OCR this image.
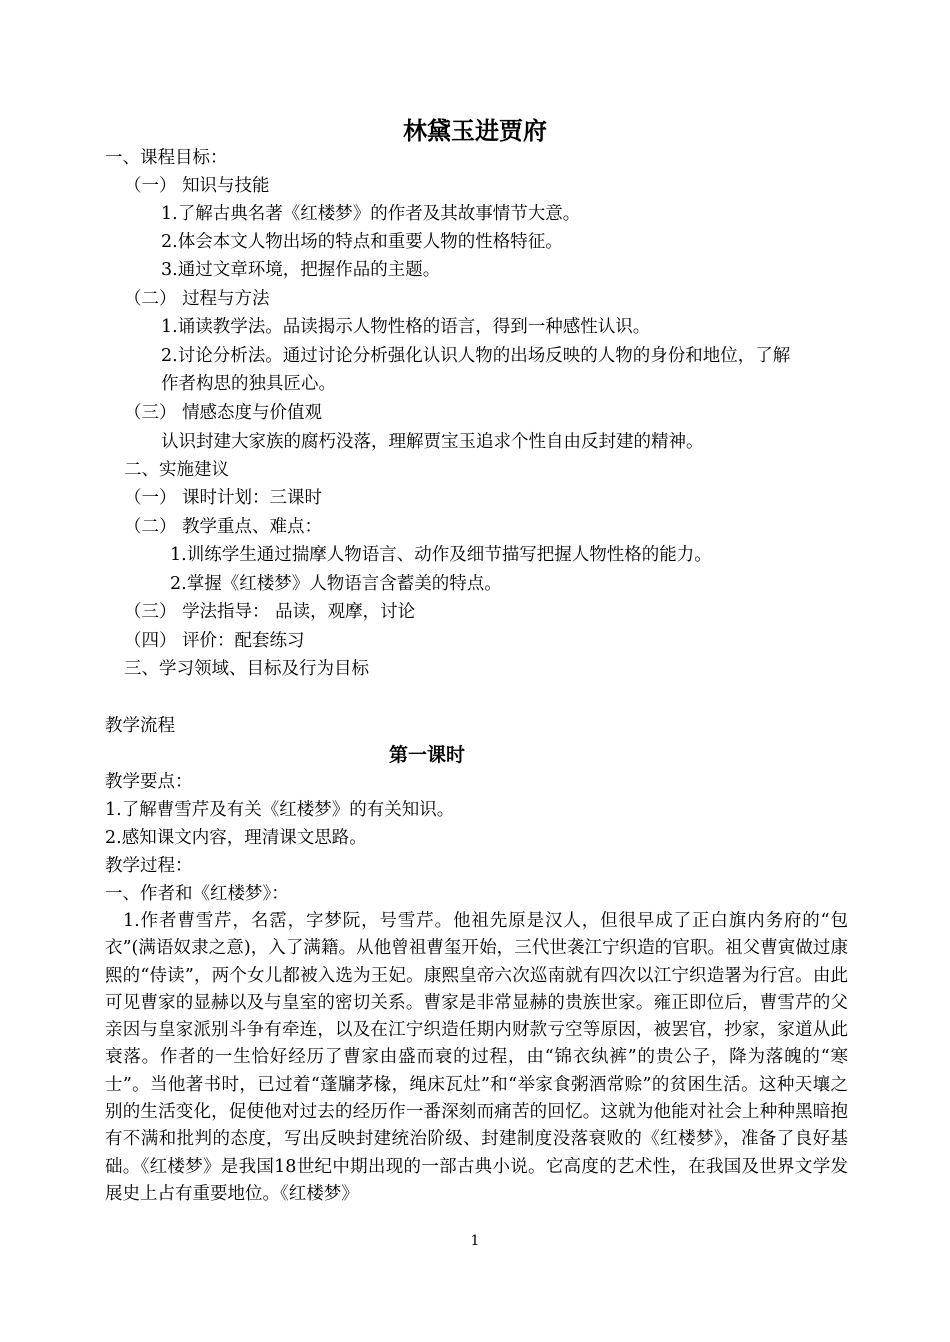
林黛玉进贾府
一、课程目标：
（一） 知识与技能
1.了解古典名著《红楼梦》的作者及其故事情节大意。
2.体会本文人物出场的特点和重要人物的性格特征。
3.通过文章环境，把握作品的主题。
（二） 过程与方法
1.诵读教学法。品读揭示人物性格的语言，得到一种感性认识。
2.讨论分析法。通过讨论分析强化认识人物的出场反映的人物的身份和地位，了解
作者构思的独具匠心。
（三） 情感态度与价值观
认识封建大家族的腐朽没落，理解贾宝玉追求个性自由反封建的精神。
二、实施建议
（一） 课时计划：三课时
（二） 教学重点、难点：
1.训练学生通过揣摩人物语言、动作及细节描写把握人物性格的能力。
2.掌握《红楼梦》人物语言含蓄美的特点。
（三） 学法指导： 品读，观摩，讨论
（四） 评价：配套练习
三、学习领域、目标及行为目标
教学流程
第一课时
教学要点：
1.了解曹雪芹及有关《红楼梦》的有关知识。
2.感知课文内容，理清课文思路。
教学过程：
一、作者和《红楼梦》：
1.作者曹雪芹，名霑，字梦阮，号雪芹。他祖先原是汉人，但很早成了正白旗内务府的“包衣”(满语奴隶之意)，入了满籍。从他曾祖曹玺开始，三代世袭江宁织造的官职。祖父曹寅做过康熙的“侍读”，两个女儿都被入选为王妃。康熙皇帝六次巡南就有四次以江宁织造署为行宫。由此可见曹家的显赫以及与皇室的密切关系。曹家是非常显赫的贵族世家。雍正即位后，曹雪芹的父亲因与皇家派别斗争有牵连，以及在江宁织造任期内财款亏空等原因，被罢官，抄家，家道从此衰落。作者的一生恰好经历了曹家由盛而衰的过程，由“锦衣纨裤”的贵公子，降为落魄的“寒士”。当他著书时，已过着“蓬牖茅椽，绳床瓦灶”和“举家食粥酒常赊”的贫困生活。这种天壤之别的生活变化，促使他对过去的经历作一番深刻而痛苦的回忆。这就为他能对社会上种种黑暗抱有不满和批判的态度，写出反映封建统治阶级、封建制度没落衰败的《红楼梦》，准备了良好基础。《红楼梦》是我国18世纪中期出现的一部古典小说。它高度的艺术性，在我国及世界文学发展史上占有重要地位。《红楼梦》
1
